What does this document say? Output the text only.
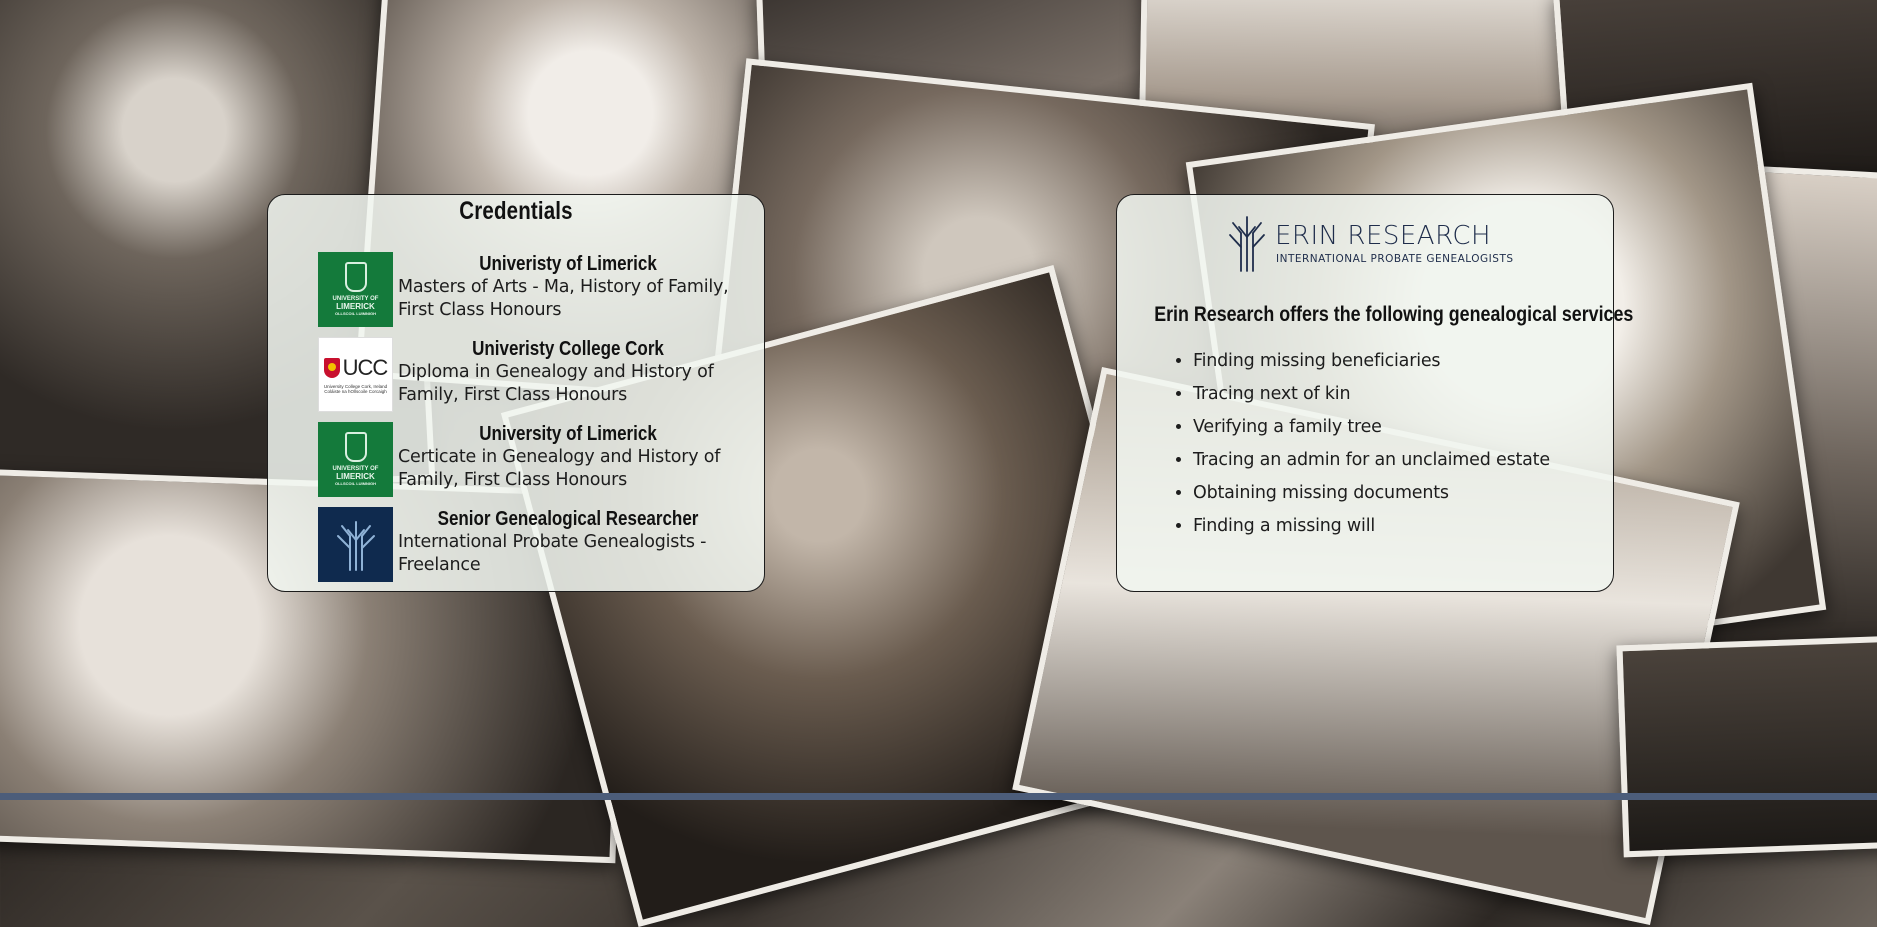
Credentials
UNIVERSITY OF
LIMERICK
OLLSCOIL LUIMNIGH
Univeristy of Limerick
Masters of Arts - Ma, History of Family, First Class Honours
UCC
University College Cork, Ireland Coláiste na hOllscoile Corcaigh
Univeristy College Cork
Diploma in Genealogy and History of Family, First Class Honours
UNIVERSITY OF
LIMERICK
OLLSCOIL LUIMNIGH
University of Limerick
Certicate in Genealogy and History of Family, First Class Honours
Senior Genealogical Researcher
International Probate Genealogists - Freelance
ERIN RESEARCH
INTERNATIONAL PROBATE GENEALOGISTS
Erin Research offers the following genealogical services
• Finding missing beneficiaries
• Tracing next of kin
• Verifying a family tree
• Tracing an admin for an unclaimed estate
• Obtaining missing documents
• Finding a missing will
